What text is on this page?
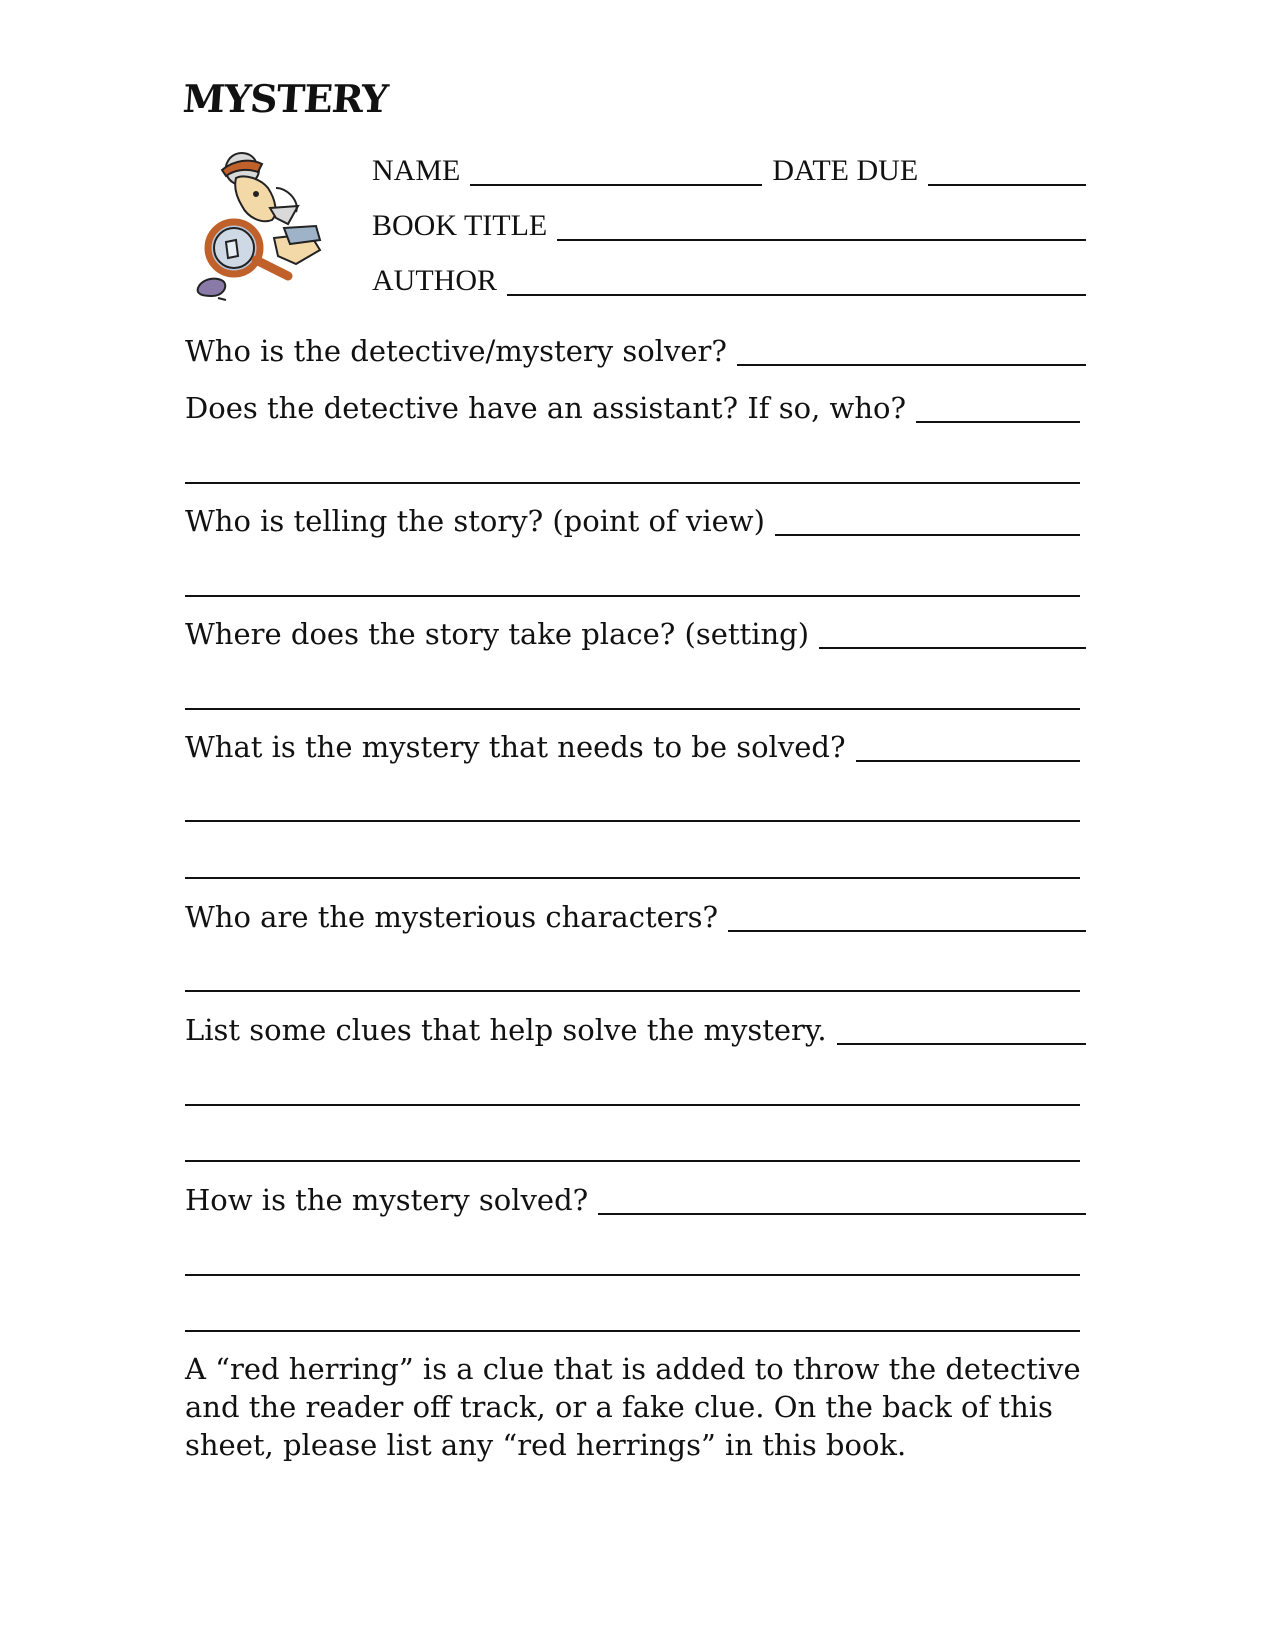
MYSTERY
NAME	DATE DUE
BOOK TITLE
AUTHOR
Who is the detective/mystery solver?
Does the detective have an assistant? If so, who?
Who is telling the story? (point of view)
Where does the story take place? (setting)
What is the mystery that needs to be solved?
Who are the mysterious characters?
List some clues that help solve the mystery.
How is the mystery solved?
A “red herring” is a clue that is added to throw the detective and the reader off track, or a fake clue. On the back of this sheet, please list any “red herrings” in this book.
